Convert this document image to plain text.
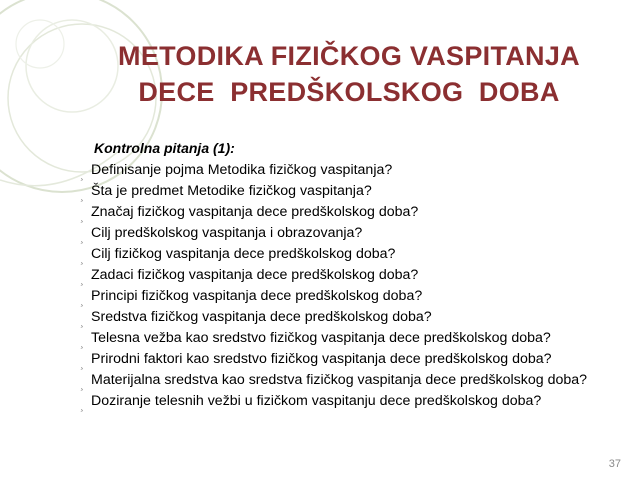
METODIKA FIZIČKOG VASPITANJA
DECE  PREDŠKOLSKOG  DOBA
Kontrolna pitanja (1):
¸ Definisanje pojma Metodika fizičkog vaspitanja?
¸ Šta je predmet Metodike fizičkog vaspitanja?
¸ Značaj fizičkog vaspitanja dece predškolskog doba?
¸ Cilj predškolskog vaspitanja i obrazovanja?
¸ Cilj fizičkog vaspitanja dece predškolskog doba?
¸ Zadaci fizičkog vaspitanja dece predškolskog doba?
¸ Principi fizičkog vaspitanja dece predškolskog doba?
¸ Sredstva fizičkog vaspitanja dece predškolskog doba?
¸ Telesna vežba kao sredstvo fizičkog vaspitanja dece predškolskog doba?
¸ Prirodni faktori kao sredstvo fizičkog vaspitanja dece predškolskog doba?
¸ Materijalna sredstva kao sredstva fizičkog vaspitanja dece predškolskog doba?
¸ Doziranje telesnih vežbi u fizičkom vaspitanju dece predškolskog doba?
37
